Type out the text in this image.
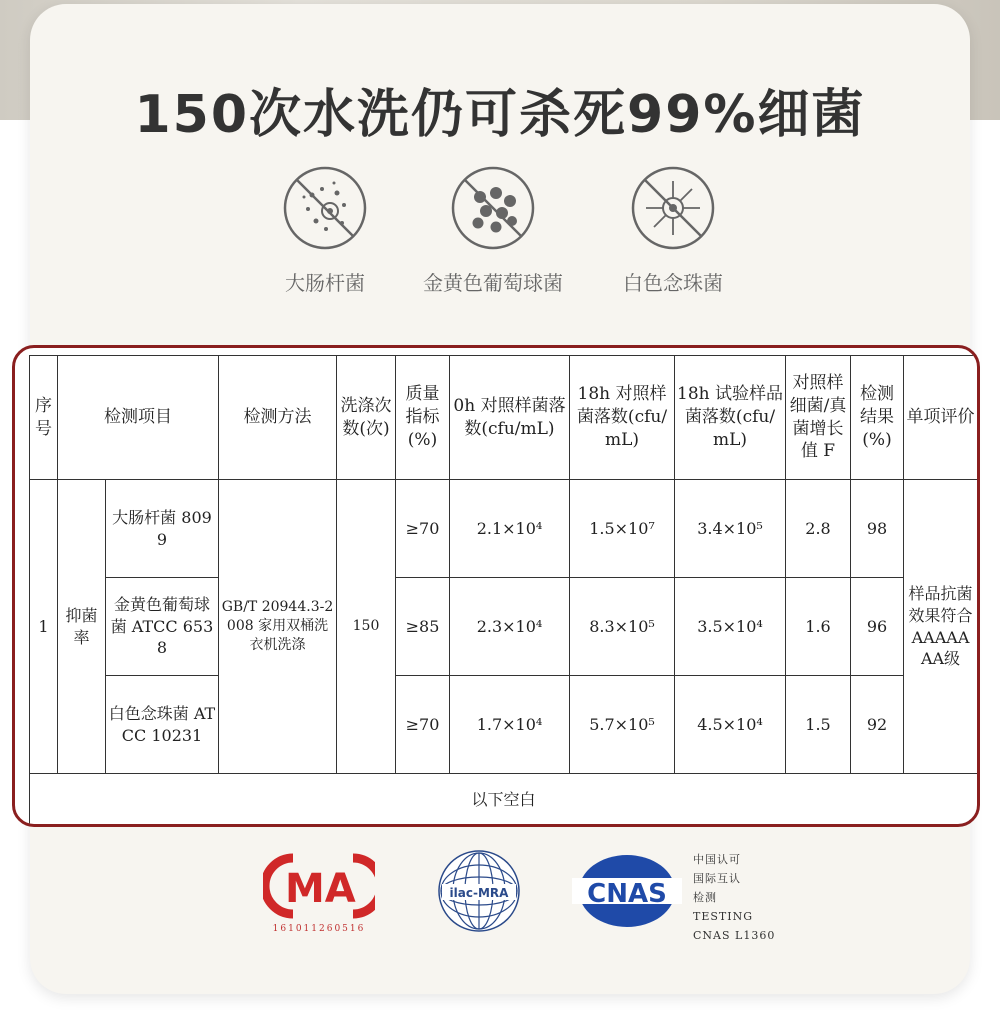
150次水洗仍可杀死99%细菌
大肠杆菌	金黄色葡萄球菌	白色念珠菌
序号	检测项目		检测方法	洗涤次数(次)	质量指标(%)	0h 对照样菌落数(cfu/mL)	18h 对照样菌落数(cfu/mL)	18h 试验样品菌落数(cfu/mL)	对照样细菌/真菌增长值 F	检测结果(%)	单项评价
1	抑菌率	大肠杆菌 8099	GB/T 20944.3-2008 家用双桶洗衣机洗涤	150	≥70	2.1×10⁴	1.5×10⁷	3.4×10⁵	2.8	98	样品抗菌效果符合AAAAAAA级
		金黄色葡萄球菌 ATCC 6538			≥85	2.3×10⁴	8.3×10⁵	3.5×10⁴	1.6	96	
		白色念珠菌 ATCC 10231			≥70	1.7×10⁴	5.7×10⁵	4.5×10⁴	1.5	92	
以下空白											
MA	ilac-MRA	CNAS
161011260516
中国认可
国际互认
检测
TESTING
CNAS L1360
